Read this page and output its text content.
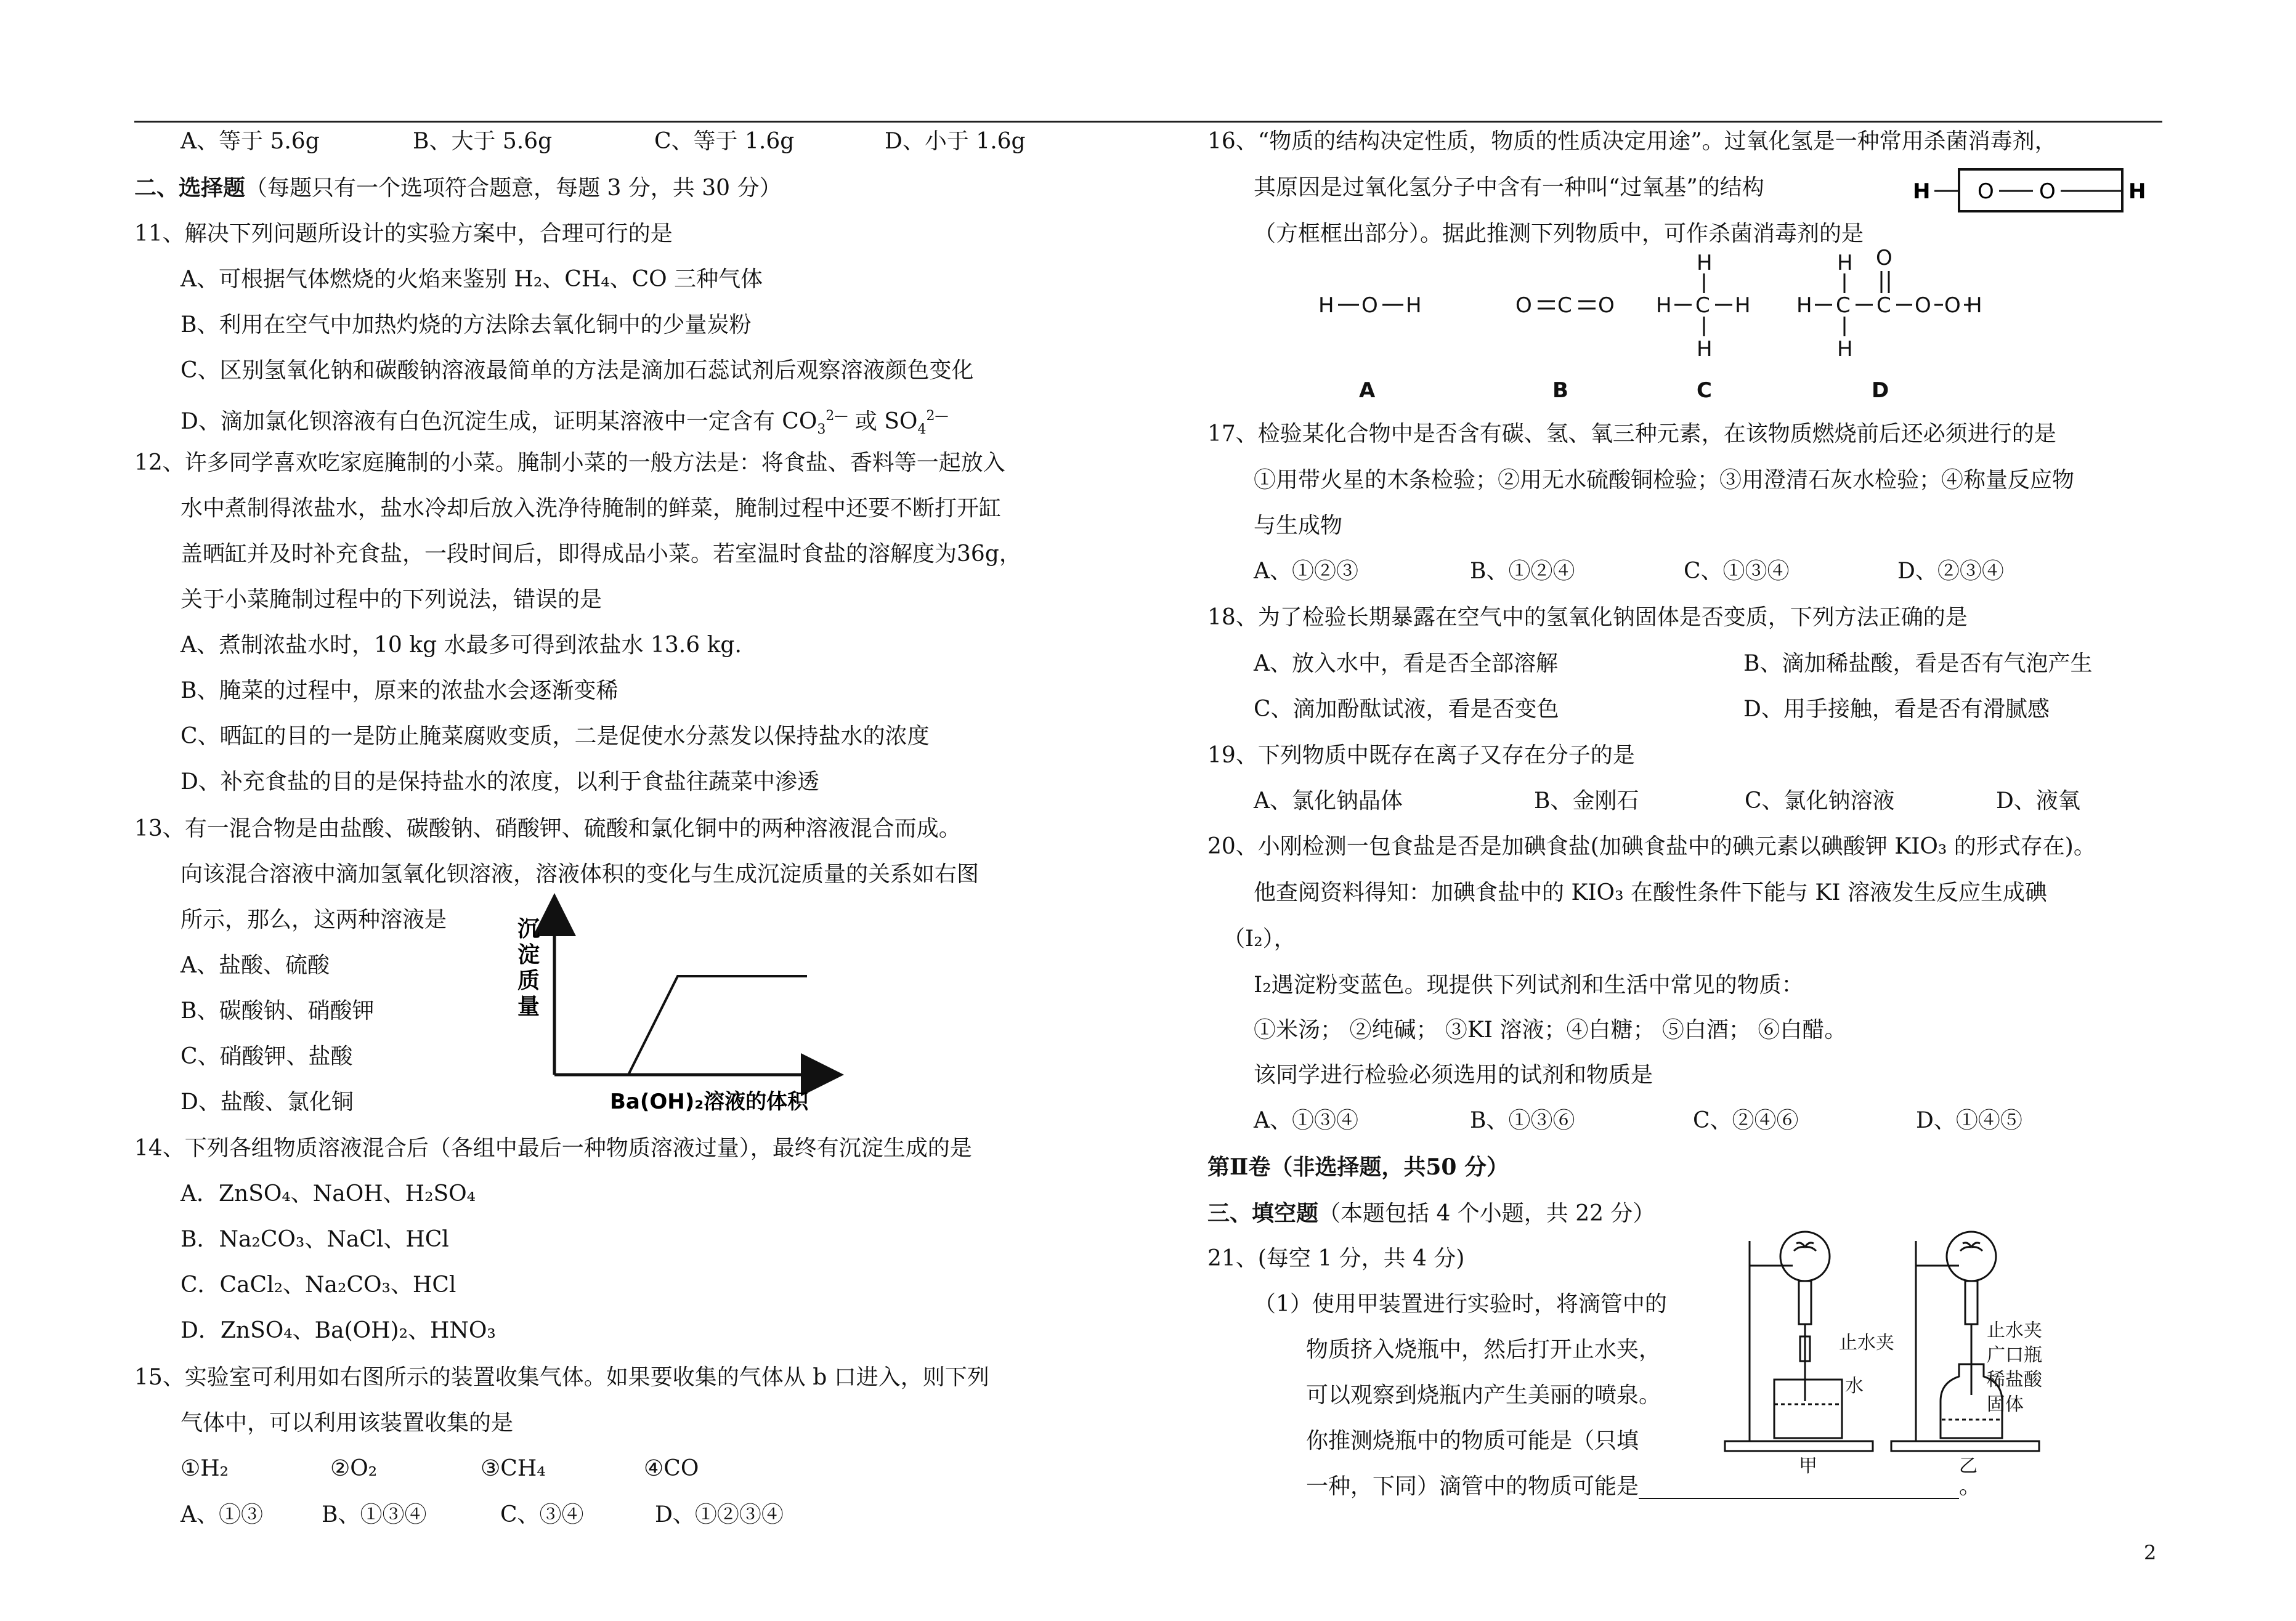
A、等于 5.6g	B、大于 5.6g	C、等于 1.6g	D、小于 1.6g
二、选择题（每题只有一个选项符合题意，每题 3 分，共 30 分）
11、解决下列问题所设计的实验方案中，合理可行的是
A、可根据气体燃烧的火焰来鉴别 H₂、CH₄、CO 三种气体
B、利用在空气中加热灼烧的方法除去氧化铜中的少量炭粉
C、区别氢氧化钠和碳酸钠溶液最简单的方法是滴加石蕊试剂后观察溶液颜色变化
D、滴加氯化钡溶液有白色沉淀生成，证明某溶液中一定含有 $CO_3^{2—}$ 或 $SO_4^{2—}$
12、许多同学喜欢吃家庭腌制的小菜。腌制小菜的一般方法是：将食盐、香料等一起放入
水中煮制得浓盐水，盐水冷却后放入洗净待腌制的鲜菜，腌制过程中还要不断打开缸
盖晒缸并及时补充食盐，一段时间后，即得成品小菜。若室温时食盐的溶解度为36g，
关于小菜腌制过程中的下列说法，错误的是
A、煮制浓盐水时，10 kg 水最多可得到浓盐水 13.6 kg.
B、腌菜的过程中，原来的浓盐水会逐渐变稀
C、晒缸的目的一是防止腌菜腐败变质，二是促使水分蒸发以保持盐水的浓度
D、补充食盐的目的是保持盐水的浓度，以利于食盐往蔬菜中渗透
13、有一混合物是由盐酸、碳酸钠、硝酸钾、硫酸和氯化铜中的两种溶液混合而成。
向该混合溶液中滴加氢氧化钡溶液，溶液体积的变化与生成沉淀质量的关系如右图
所示，那么，这两种溶液是
A、盐酸、硫酸
B、碳酸钠、硝酸钾
C、硝酸钾、盐酸
D、盐酸、氯化铜
沉
淀
质
量
Ba(OH)₂溶液的体积
14、下列各组物质溶液混合后（各组中最后一种物质溶液过量），最终有沉淀生成的是
A．ZnSO₄、NaOH、H₂SO₄
B．Na₂CO₃、NaCl、HCl
C．CaCl₂、Na₂CO₃、HCl
D．ZnSO₄、Ba(OH)₂、HNO₃
15、实验室可利用如右图所示的装置收集气体。如果要收集的气体从 b 口进入，则下列
气体中，可以利用该装置收集的是
①H₂	②O₂	③CH₄	④CO
A、①③	B、①③④	C、③④	D、①②③④
16、“物质的结构决定性质，物质的性质决定用途”。过氧化氢是一种常用杀菌消毒剂，
其原因是过氧化氢分子中含有一种叫“过氧基”的结构
（方框框出部分）。据此推测下列物质中，可作杀菌消毒剂的是
H O O	H
H O H	O C O
H
H C H
H
H
H C
H
C
O
O O H
A	B	C	D
17、检验某化合物中是否含有碳、氢、氧三种元素，在该物质燃烧前后还必须进行的是
①用带火星的木条检验；②用无水硫酸铜检验；③用澄清石灰水检验；④称量反应物
与生成物
A、①②③	B、①②④	C、①③④	D、②③④
18、为了检验长期暴露在空气中的氢氧化钠固体是否变质，下列方法正确的是
A、放入水中，看是否全部溶解	B、滴加稀盐酸，看是否有气泡产生
C、滴加酚酞试液，看是否变色	D、用手接触，看是否有滑腻感
19、下列物质中既存在离子又存在分子的是
A、氯化钠晶体	B、金刚石	C、氯化钠溶液	D、液氧
20、小刚检测一包食盐是否是加碘食盐(加碘食盐中的碘元素以碘酸钾 KIO₃ 的形式存在)。
他查阅资料得知：加碘食盐中的 KIO₃ 在酸性条件下能与 KI 溶液发生反应生成碘
（I₂），
I₂遇淀粉变蓝色。现提供下列试剂和生活中常见的物质：
①米汤； ②纯碱； ③KI 溶液；④白糖； ⑤白酒； ⑥白醋。
该同学进行检验必须选用的试剂和物质是
A、①③④	B、①③⑥	C、②④⑥	D、①④⑤
第Ⅱ卷（非选择题，共50 分）
三、填空题（本题包括 4 个小题，共 22 分）
21、(每空 1 分，共 4 分)
（1）使用甲装置进行实验时，将滴管中的
物质挤入烧瓶中，然后打开止水夹，
可以观察到烧瓶内产生美丽的喷泉。
你推测烧瓶中的物质可能是（只填
一种，下同）滴管中的物质可能是	。
止水夹
水
甲
止水夹
广口瓶
稀盐酸
固体
乙
2
